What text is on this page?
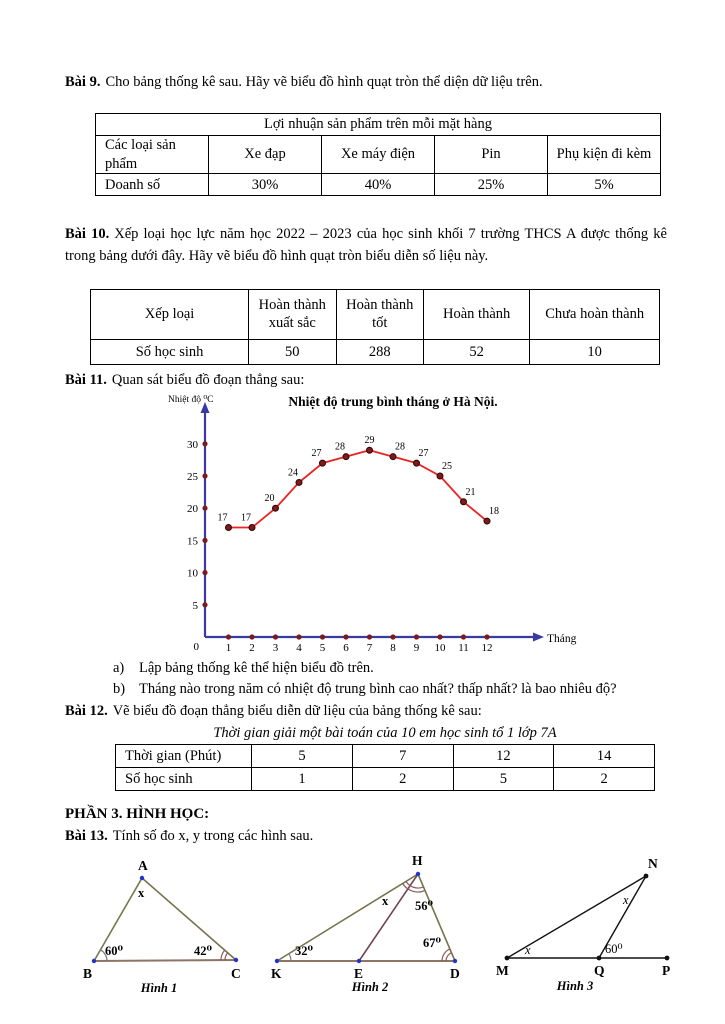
Bài 9. Cho bảng thống kê sau. Hãy vẽ biểu đồ hình quạt tròn thể diện dữ liệu trên.

Lợi nhuận sản phẩm trên mỗi mặt hàng				
Các loại sản phẩm	Xe đạp	Xe máy điện	Pin	Phụ kiện đi kèm
Doanh số	30%	40%	25%	5%

Bài 10. Xếp loại học lực năm học 2022 – 2023 của học sinh khối 7 trường THCS A được thống kê trong bảng dưới đây. Hãy vẽ biểu đồ hình quạt tròn biểu diễn số liệu này.

Xếp loại	Hoàn thành xuất sắc	Hoàn thành tốt	Hoàn thành	Chưa hoàn thành
Số học sinh	50	288	52	10

Bài 11. Quan sát biểu đồ đoạn thẳng sau:

Nhiệt độ trung bình tháng ở Hà Nội.
Nhiệt độ ⁰C
Tháng
0
5
10
15
20
25
30
1 2 3 4 5 6 7 8 9 10 11 12
17 17
20
24
27
28
29
28
27
25
21
18
a) Lập bảng thống kê thể hiện biểu đồ trên.
b) Tháng nào trong năm có nhiệt độ trung bình cao nhất? thấp nhất? là bao nhiêu độ?

Bài 12. Vẽ biểu đồ đoạn thẳng biểu diễn dữ liệu của bảng thống kê sau:

Thời gian giải một bài toán của 10 em học sinh tổ 1 lớp 7A
Thời gian (Phút)	5	7	12	14
Số học sinh	1	2	5	2

PHẦN 3. HÌNH HỌC:

Bài 13. Tính số đo x, y trong các hình sau.

A
B	C
x
60⁰	42⁰
Hình 1
H
K	E	D
x 56⁰
32⁰
67⁰
Hình 2
N
M	Q	P
x
x
60⁰
Hình 3
